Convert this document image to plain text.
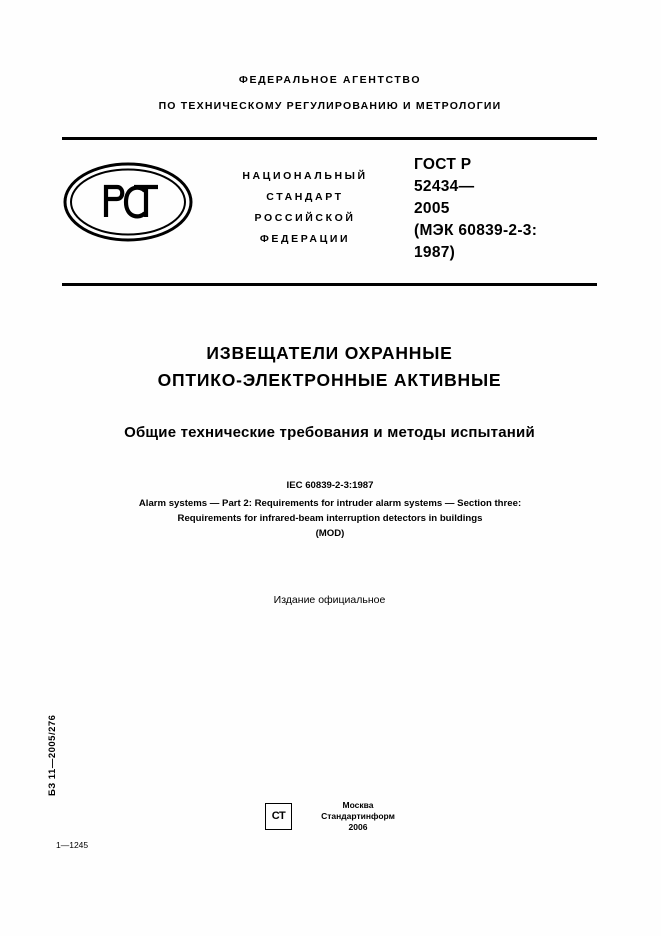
ФЕДЕРАЛЬНОЕ АГЕНТСТВО
ПО ТЕХНИЧЕСКОМУ РЕГУЛИРОВАНИЮ И МЕТРОЛОГИИ
НАЦИОНАЛЬНЫЙ
СТАНДАРТ
РОССИЙСКОЙ
ФЕДЕРАЦИИ
ГОСТ Р
52434—
2005
(МЭК 60839-2-3:
1987)
ИЗВЕЩАТЕЛИ ОХРАННЫЕ
ОПТИКО-ЭЛЕКТРОННЫЕ АКТИВНЫЕ
Общие технические требования и методы испытаний
IEC 60839-2-3:1987
Alarm systems — Part 2: Requirements for intruder alarm systems — Section three:
Requirements for infrared-beam interruption detectors in buildings
(MOD)
Издание официальное
БЗ 11—2005/276
СТ
Москва
Стандартинформ
2006
1—1245
